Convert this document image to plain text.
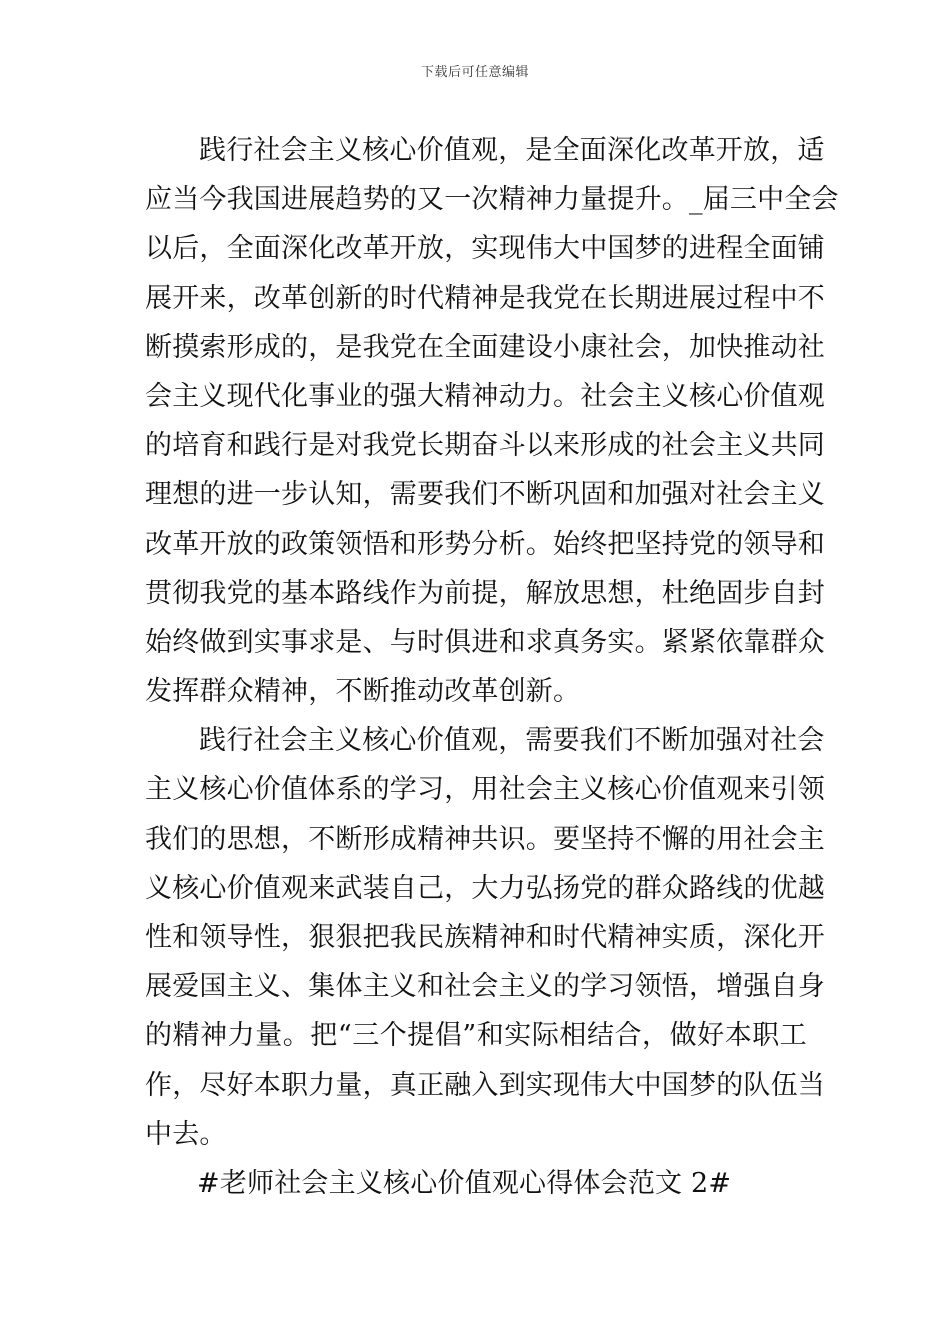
下载后可任意编辑
践行社会主义核心价值观，是全面深化改革开放，适
应当今我国进展趋势的又一次精神力量提升。_届三中全会
以后，全面深化改革开放，实现伟大中国梦的进程全面铺
展开来，改革创新的时代精神是我党在长期进展过程中不
断摸索形成的，是我党在全面建设小康社会，加快推动社
会主义现代化事业的强大精神动力。社会主义核心价值观
的培育和践行是对我党长期奋斗以来形成的社会主义共同
理想的进一步认知，需要我们不断巩固和加强对社会主义
改革开放的政策领悟和形势分析。始终把坚持党的领导和
贯彻我党的基本路线作为前提，解放思想，杜绝固步自封
始终做到实事求是、与时俱进和求真务实。紧紧依靠群众
发挥群众精神，不断推动改革创新。
践行社会主义核心价值观，需要我们不断加强对社会
主义核心价值体系的学习，用社会主义核心价值观来引领
我们的思想，不断形成精神共识。要坚持不懈的用社会主
义核心价值观来武装自己，大力弘扬党的群众路线的优越
性和领导性，狠狠把我民族精神和时代精神实质，深化开
展爱国主义、集体主义和社会主义的学习领悟，增强自身
的精神力量。把“三个提倡”和实际相结合，做好本职工
作，尽好本职力量，真正融入到实现伟大中国梦的队伍当
中去。
#老师社会主义核心价值观心得体会范文 2#
